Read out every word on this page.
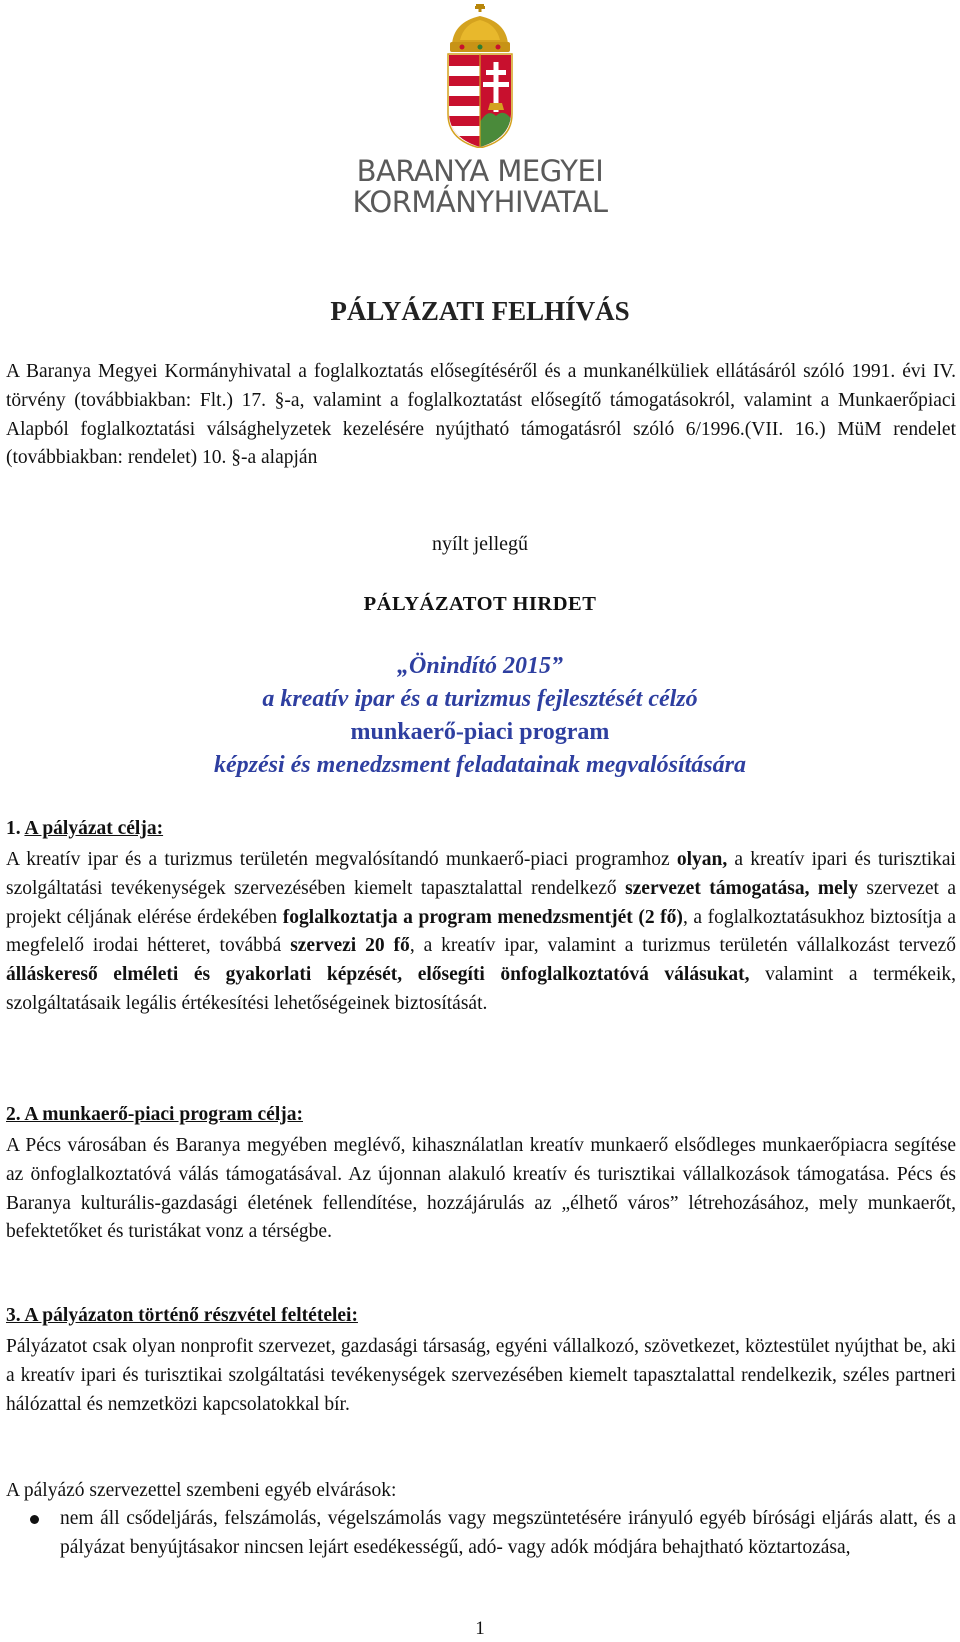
BARANYA MEGYEI
KORMÁNYHIVATAL
PÁLYÁZATI FELHÍVÁS
A Baranya Megyei Kormányhivatal a foglalkoztatás elősegítéséről és a munkanélküliek ellátásáról szóló 1991. évi IV. törvény (továbbiakban: Flt.) 17. §-a, valamint a foglalkoztatást elősegítő támogatásokról, valamint a Munkaerőpiaci Alapból foglalkoztatási válsághelyzetek kezelésére nyújtható támogatásról szóló 6/1996.(VII. 16.) MüM rendelet (továbbiakban: rendelet) 10. §-a alapján
nyílt jellegű
PÁLYÁZATOT HIRDET
„Önindító 2015”
a kreatív ipar és a turizmus fejlesztését célzó
munkaerő-piaci program
képzési és menedzsment feladatainak megvalósítására
1. A pályázat célja:
A kreatív ipar és a turizmus területén megvalósítandó munkaerő-piaci programhoz olyan, a kreatív ipari és turisztikai szolgáltatási tevékenységek szervezésében kiemelt tapasztalattal rendelkező szervezet támogatása, mely szervezet a projekt céljának elérése érdekében foglalkoztatja a program menedzsmentjét (2 fő), a foglalkoztatásukhoz biztosítja a megfelelő irodai hétteret, továbbá szervezi 20 fő, a kreatív ipar, valamint a turizmus területén vállalkozást tervező álláskereső elméleti és gyakorlati képzését, elősegíti önfoglalkoztatóvá válásukat, valamint a termékeik, szolgáltatásaik legális értékesítési lehetőségeinek biztosítását.
2. A munkaerő-piaci program célja:
A Pécs városában és Baranya megyében meglévő, kihasználatlan kreatív munkaerő elsődleges munkaerőpiacra segítése az önfoglalkoztatóvá válás támogatásával. Az újonnan alakuló kreatív és turisztikai vállalkozások támogatása. Pécs és Baranya kulturális-gazdasági életének fellendítése, hozzájárulás az „élhető város” létrehozásához, mely munkaerőt, befektetőket és turistákat vonz a térségbe.
3. A pályázaton történő részvétel feltételei:
Pályázatot csak olyan nonprofit szervezet, gazdasági társaság, egyéni vállalkozó, szövetkezet, köztestület nyújthat be, aki a kreatív ipari és turisztikai szolgáltatási tevékenységek szervezésében kiemelt tapasztalattal rendelkezik, széles partneri hálózattal és nemzetközi kapcsolatokkal bír.
A pályázó szervezettel szembeni egyéb elvárások:
nem áll csődeljárás, felszámolás, végelszámolás vagy megszüntetésére irányuló egyéb bírósági eljárás alatt, és a pályázat benyújtásakor nincsen lejárt esedékességű, adó- vagy adók módjára behajtható köztartozása,
1
